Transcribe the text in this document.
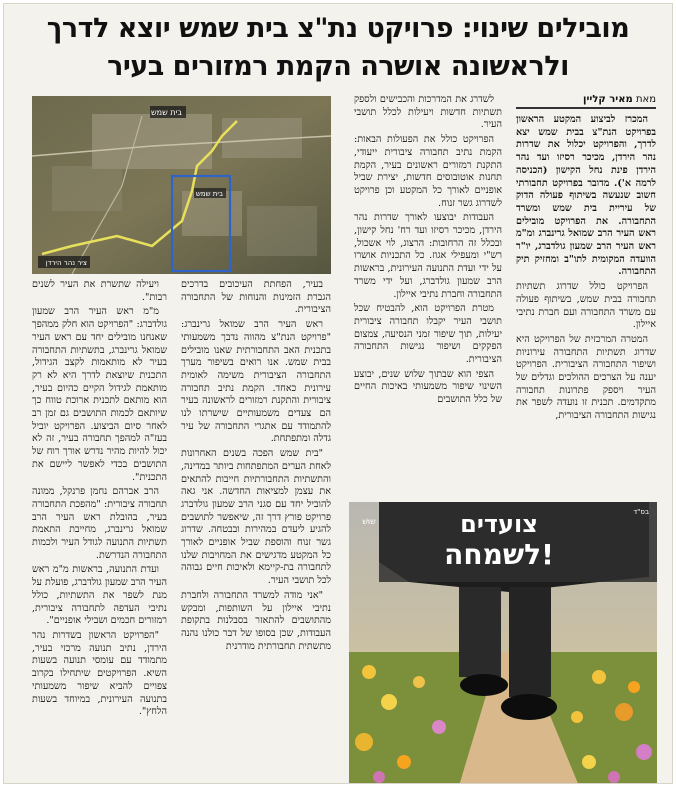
מובילים שינוי: פרויקט נת"צ בית שמש יוצא לדרך
ולראשונה אושרה הקמת רמזורים בעיר
מאת מאיר קליין

המכרז לביצוע המקטע הראשון בפרויקט הנת"צ בבית שמש יצא לדרך, והפרויקט יכלול את שדרות נהר הירדן, מכיכר רסיזו ועד נהר הירדן פינת נחל הקישון (הכניסה לרמה א'). מדובר בפרויקט תחבורתי חשוב שנעשה בשיתוף פעולה הדוק של עיריית בית שמש ומשרד התחבורה. את הפרויקט מובילים ראש העיר הרב שמואל גרינברג ומ"מ ראש העיר הרב שמעון גולדברג, יו"ר הוועדה המקומית לתו"ב ומחזיק תיק התחבורה.

הפרויקט כולל שדרוג תשתיות תחבורה בבית שמש, בשיתוף פעולה עם משרד התחבורה ועם חברת נתיבי איילון.

המטרה המרכזית של הפרויקט היא שדרוג תשתיות התחבורה עירוניות ושיפור התחבורה הציבורית. הפרויקט יענה על הצרכים ההולכים וגדלים של העיר ויספק פתרונות תחבורה מתקדמים. תכנית זו נועדה לשפר את נגישות התחבורה הציבורית,

לשדרג את המדרכות והכבישים ולספק תשתיות חדשות ויעילות לכלל תושבי העיר.

הפרויקט כולל את הפעולות הבאות: הקמת נתיב תחבורה ציבורית ייעודי, התקנת רמזורים ראשונים בעיר, הקמת תחנות אוטובוסים חדשות, יצירת שביל אופניים לאורך כל המקטע וכן פרויקט לשדרוג גשר זנוח.

העבודות יבוצעו לאורך שדרות נהר הירדן, מכיכר רסיזו ועד רח' נחל קישון, ובכלל זה הרחובות: הרצוג, לוי אשכול, רש"י ומעפילי אגוז. כל התכניות אושרו על ידי ועדת התנועה העירונית, בראשות הרב שמעון גולדברג, ועל ידי משרד התחבורה וחברת נתיבי איילון.

מטרת הפרויקט הוא, להבטיח שכל תושבי העיר יקבלו תחבורה ציבורית יעילות, תוך שיפור זמני הנסיעה, צמצום הפקקים ושיפור נגישות התחבורה הציבורית.

הצפי הוא שבתוך שלוש שנים, יבוצע השינוי שיפור משמעותי באיכות החיים של כלל התושבים

בית שמש
בית שמש
ציר נהר הירדן

ויעילה שתשרת את העיר לשנים רבות".

מ"מ ראש העיר הרב שמעון גולדברג: "הפרויקט הוא חלק ממהפך שאנחנו מובילים יחד עם ראש העיר שמואל גרינברג, בתשתיות התחבורה בעיר לא מותאמות לקצב הגידול, התכנית שיוצאת לדרך היא לא רק מותאמת לגידול הקיים כהיום בעיר, הוא מותאם לתכנית ארוכת טווח כך שיותאם לכמות התושבים גם זמן רב לאחר סיום הביצוע. הפרויקט יוביל בעז"ה למהפך תחבורה בעיר, זה לא יכול להיות מהיר נדרש אורך רוח של התושבים בכדי לאפשר ליישם את התכנית".

הרב אברהם נחמן פרנקל, ממונה תחבורה ציבורית: "מהפכת התחבורה בעיר, בהובלת ראש העיר הרב שמואל גרינברג, מחייבת התאמת תשתיות התנועה לגודל העיר ולכמות התחבורה הנדרשת.

ועדת התנועה, בראשות מ"מ ראש העיר הרב שמעון גולדברג, פועלת על מנת לשפר את התשתיות, כולל נתיבי העדפה לתחבורה ציבורית, רמזורים חכמים ושבילי אופניים".

"הפרויקט הראשון בשדרות נהר הירדן, נתיב תנועה מרכזי בעיר, מתמודד עם עומסי תנועה בשעות השיא. הפרויקטים שיתחילו בקרוב צפויים להביא שיפור משמעותי בתנועה העירונית, במיוחד בשעות הלחץ".

בעיר, הפחתת העיכובים בדרכים הגברת הזמינות והנוחות של התחבורה הציבורית.

ראש העיר הרב שמואל גרינברג: "פרויקט הנת"צ מהווה נדבך משמעותי בתכנית האב התחבורתית שאנו מובילים בבית שמש. אנו רואים בשיפור מערך התחבורה הציבורית משימה לאומית עירונית כאחד. הקמת נתיב תחבורה ציבורית והתקנת רמזורים לראשונה בעיר הם צעדים משמעותיים שישרתו לנו להתמודד עם אתגרי התחבורה של עיר גדלה ומתפתחת.

"בית שמש הפכה בשנים האחרונות לאחת הערים המתפתחות ביותר במדינה, והתשתיות התחבורתיות חייבות להתאים את עצמן למציאות החדשה. אני גאה להוביל יחד עם סגני הרב שמעון גולדברג פרויקט פורץ דרך זה, שיאפשר לתושבים להגיע ליעדם במהירות ובבטחה. שדרוג גשר זנוח והוספת שביל אופניים לאורך כל המקטע מדגישים את המחויבות שלנו לתחבורה בת-קיימא ולאיכות חיים גבוהה לכל תושבי העיר.

"אני מודה למשרד התחבורה ולחברת נתיבי איילון על השותפות, ומבקש מהתושבים להתאזר בסבלנות בתקופת העבודות, שכן בסופו של דבר כולנו נהנה מתשתית תחבורתית מודרנית

צועדים
לשמחה!
בס"ד
שוּשׁ
